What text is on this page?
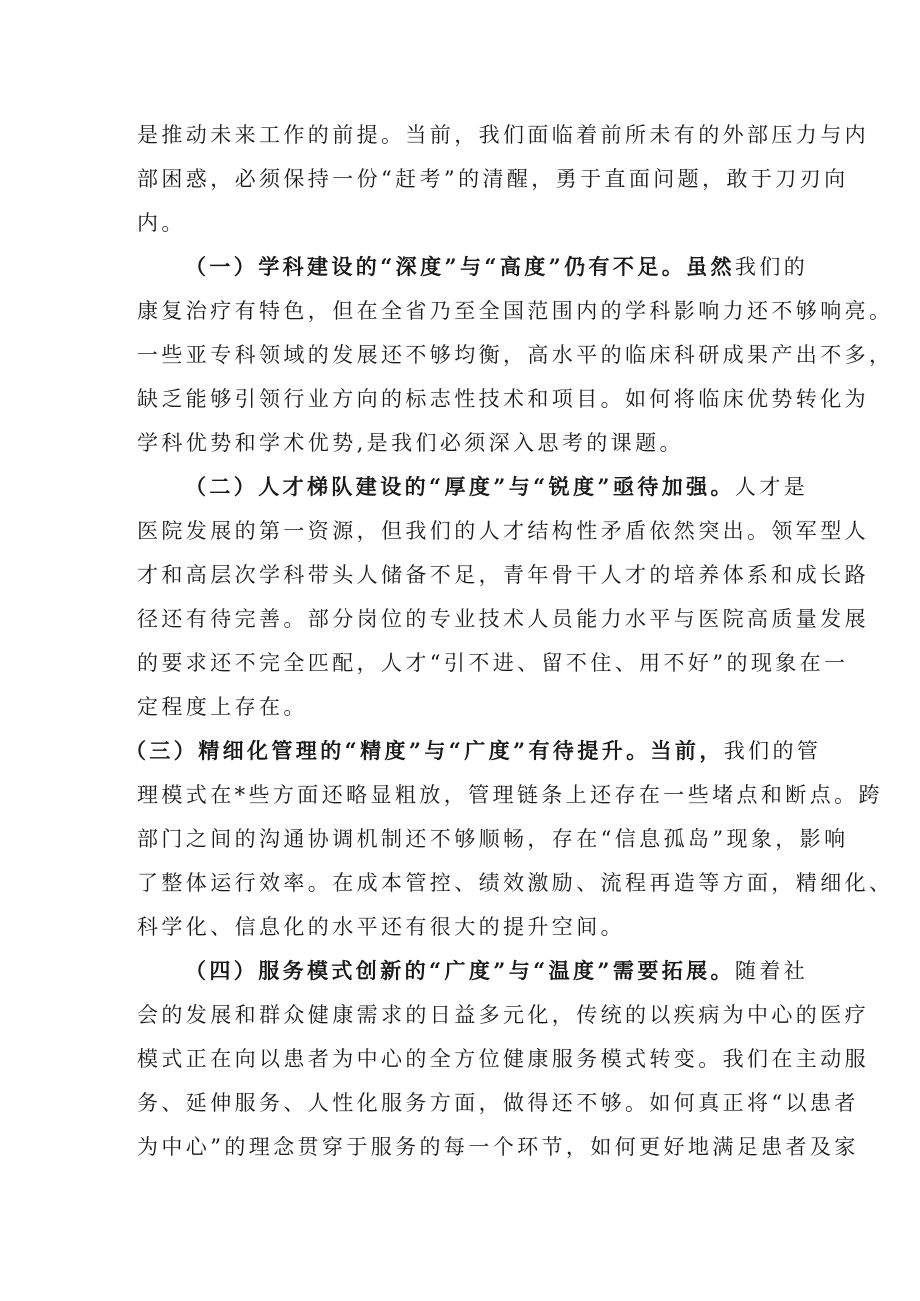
是推动未来工作的前提。当前，我们面临着前所未有的外部压力与内
部困惑，必须保持一份“赶考”的清醒，勇于直面问题，敢于刀刃向
内。
（一）学科建设的“深度”与“高度”仍有不足。虽然我们的
康复治疗有特色，但在全省乃至全国范围内的学科影响力还不够响亮。
一些亚专科领域的发展还不够均衡，高水平的临床科研成果产出不多，
缺乏能够引领行业方向的标志性技术和项目。如何将临床优势转化为
学科优势和学术优势,是我们必须深入思考的课题。
（二）人才梯队建设的“厚度”与“锐度”亟待加强。人才是
医院发展的第一资源，但我们的人才结构性矛盾依然突出。领军型人
才和高层次学科带头人储备不足，青年骨干人才的培养体系和成长路
径还有待完善。部分岗位的专业技术人员能力水平与医院高质量发展
的要求还不完全匹配，人才“引不进、留不住、用不好”的现象在一
定程度上存在。
（三）精细化管理的“精度”与“广度”有待提升。当前，我们的管
理模式在*些方面还略显粗放，管理链条上还存在一些堵点和断点。跨
部门之间的沟通协调机制还不够顺畅，存在“信息孤岛”现象，影响
了整体运行效率。在成本管控、绩效激励、流程再造等方面，精细化、
科学化、信息化的水平还有很大的提升空间。
（四）服务模式创新的“广度”与“温度”需要拓展。随着社
会的发展和群众健康需求的日益多元化，传统的以疾病为中心的医疗
模式正在向以患者为中心的全方位健康服务模式转变。我们在主动服
务、延伸服务、人性化服务方面，做得还不够。如何真正将“以患者
为中心”的理念贯穿于服务的每一个环节，如何更好地满足患者及家
